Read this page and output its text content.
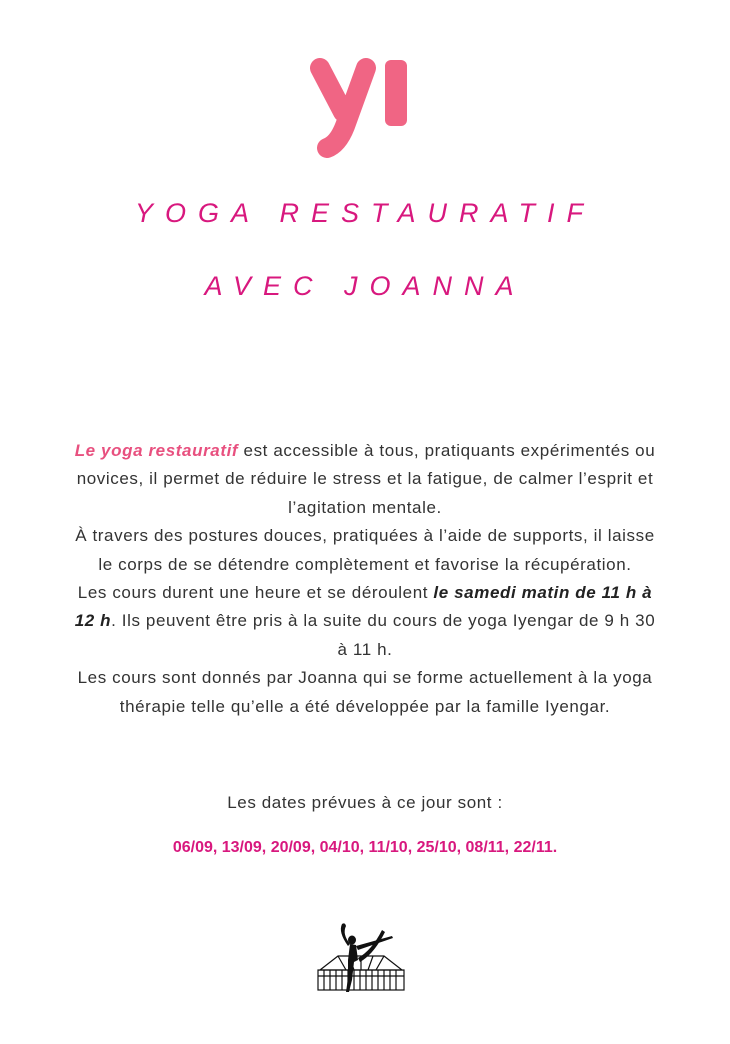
YOGA RESTAURATIF
AVEC JOANNA

Le yoga restauratif est accessible à tous, pratiquants expérimentés ou novices, il permet de réduire le stress et la fatigue, de calmer l’esprit et l’agitation mentale.

À travers des postures douces, pratiquées à l’aide de supports, il laisse le corps de se détendre complètement et favorise la récupération.

Les cours durent une heure et se déroulent le samedi matin de 11 h à 12 h. Ils peuvent être pris à la suite du cours de yoga Iyengar de 9 h 30 à 11 h.

Les cours sont donnés par Joanna qui se forme actuellement à la yoga thérapie telle qu’elle a été développée par la famille Iyengar.

Les dates prévues à ce jour sont :
06/09, 13/09, 20/09, 04/10, 11/10, 25/10, 08/11, 22/11.
